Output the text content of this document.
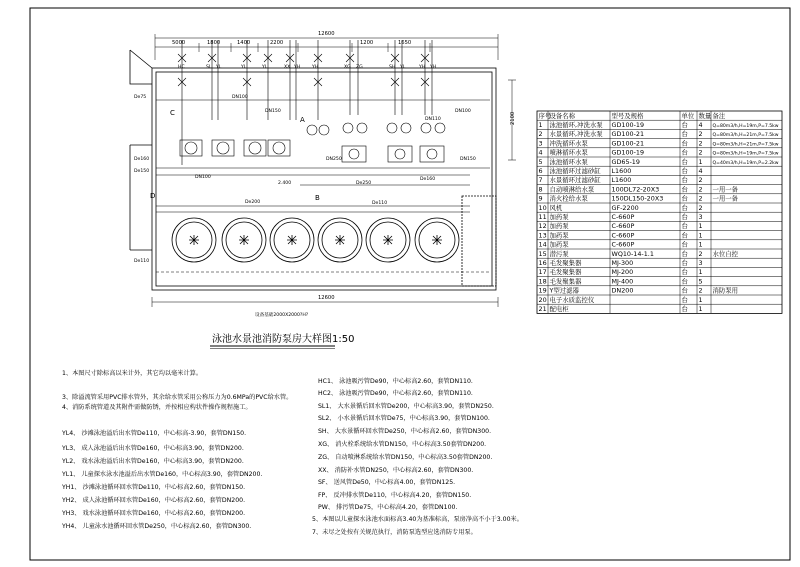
12600
5000	1800	1400	2200	1200	1650
2100
12600
De75
De160
De150
De250
De160
De110
De200
DN100
DN150
DN100
DN250
De110
DN110
DN100
DN150
C
A
B
D
2.400
HC	SL YL	YL	YL	XX YH	YH	XG ZG	SH YL	YH YH
设备基础2000X2000?H?
泳池水景池消防泵房大样图1:50
序号
设备名称	型号及规格	单位 数量 备注
1 泳池循环,冲洗水泵 GD100-19	台 4 Q=80m3/h,H=19m,P=7.5kw
2 水景循环,冲洗水泵 GD100-21	台 2 Q=80m3/h,H=21m,P=7.5kw
3 冲洗循环水泵	GD100-21	台 2 Q=80m3/h,H=21m,P=7.5kw
4 喷淋循环水泵	GD100-19	台 2 Q=80m3/h,H=19m,P=7.5kw
5 泳池循环水泵	GD65-19	台 1 Q=40m3/h,H=19m,P=2.2kw
6 泳池循环过滤砂缸 L1600	台 4
7 水景循环过滤砂缸 L1600	台 2
8 自动喷淋给水泵	100DL72-20X3	台 2 一用一备
9 消火栓给水泵	150DL150-20X3	台 2 一用一备
10 风机	GF-2200	台 2
11 加药泵	C-660P	台 3
12 加药泵	C-660P	台 1
13 加药泵	C-660P	台 1
14 加药泵	C-660P	台 1
15 潜污泵	WQ10-14-1.1	台 2 水位自控
16 毛发聚集器	MJ-300	台 3
17 毛发聚集器	MJ-200	台 1
18 毛发聚集器	MJ-400	台 5
19 Y型过滤器	DN200	台 2 消防泵用
20 电子水质监控仪	台 1
21 配电柜	台 1
1、本图尺寸除标高以米计外，其它均以毫米计算。
3、除溢流管采用PVC排水管外，其余给水管采用公称压力为0.6MPa的PVC给水管。
4、消防系统管道及其附件需做防锈，并按相应构状件操作规程施工。
YL4、 沙滩泳池溢后出水管De110，中心标高-3.90，套管DN150.
YL3、 成人泳池溢后出水管De160，中心标高3.90，套管DN200.
YL2、 戏水泳池溢后出水管De160，中心标高3.90，套管DN200.
YL1、 儿童探水泳水池溢后出水管De160，中心标高3.90，套管DN200.
YH1、 沙滩泳池循环回水管De110，中心标高2.60，套管DN150.
YH2、 成人泳池循环回水管De160，中心标高2.60，套管DN200.
YH3、 戏水泳池循环回水管De160，中心标高2.60，套管DN200.
YH4、 儿童泳水池循环回水管De250，中心标高2.60，套管DN300.
HC1、 泳池吸污管De90，中心标高2.60，套管DN110.
HC2、 泳池吸污管De90，中心标高2.60，套管DN110.
SL1、 大水景循后回水管De200，中心标高3.90，套管DN250.
SL2、 小水景循后回水管De75，中心标高3.90，套管DN100.
SH、 大水景循环回水管De250，中心标高2.60，套管DN300.
XG、 消火栓系统给水管DN150，中心标高3.50套管DN200.
ZG、 自动喷淋系统给水管DN150，中心标高3.50套管DN200.
XX、 消防补水管DN250，中心标高2.60，套管DN300.
SF、 送风管De50，中心标高4.00，套管DN125.
FP、 反冲排水管De110，中心标高4.20，套管DN150.
PW、 排污管De75，中心标高4.20，套管DN100.
5、本图以儿童探水泳池水面标高3.40为基准标高，泵房净高不小于3.00米。
7、未尽之处按有关规范执行，消防泵选型应选消防专用泵。
